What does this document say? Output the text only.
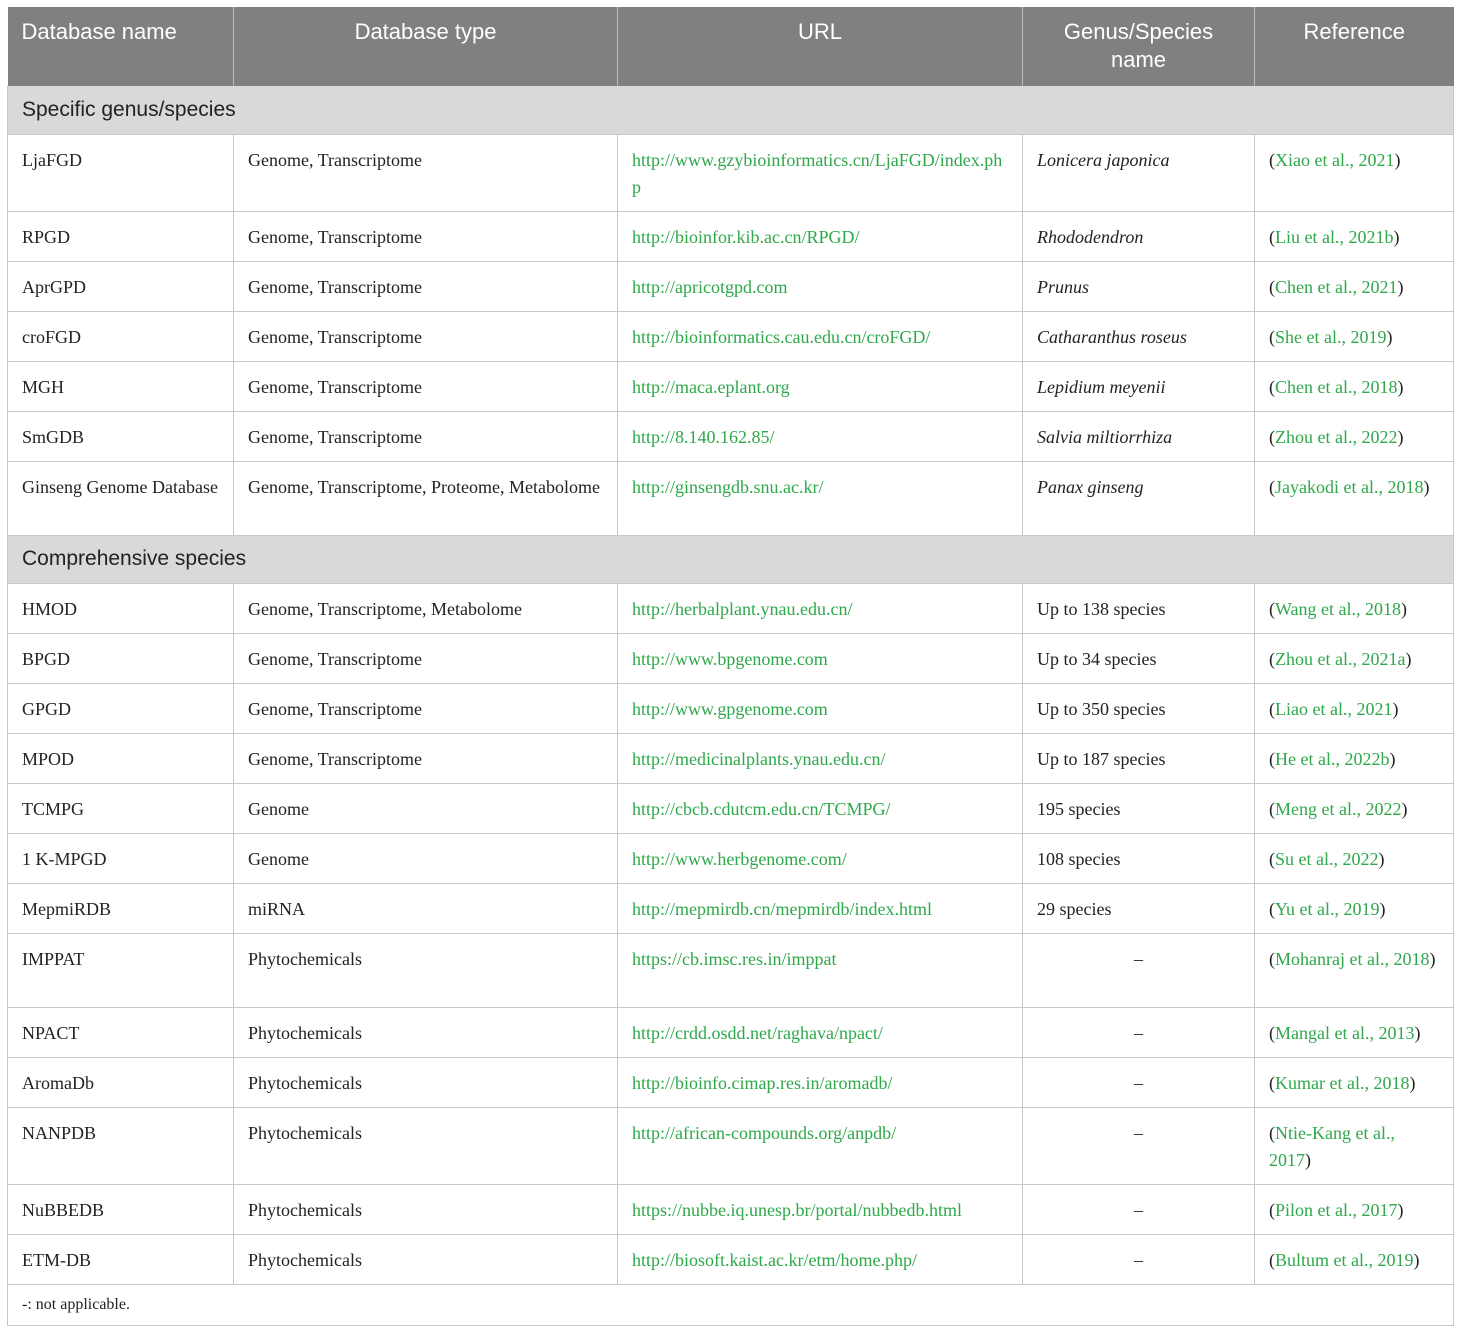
Database name	Database type	URL	Genus/Species name	Reference
Specific genus/species				
LjaFGD	Genome, Transcriptome	http://www.gzybioinformatics.cn/LjaFGD/index.php	Lonicera japonica	(Xiao et al., 2021)
RPGD	Genome, Transcriptome	http://bioinfor.kib.ac.cn/RPGD/	Rhododendron	(Liu et al., 2021b)
AprGPD	Genome, Transcriptome	http://apricotgpd.com	Prunus	(Chen et al., 2021)
croFGD	Genome, Transcriptome	http://bioinformatics.cau.edu.cn/croFGD/	Catharanthus roseus	(She et al., 2019)
MGH	Genome, Transcriptome	http://maca.eplant.org	Lepidium meyenii	(Chen et al., 2018)
SmGDB	Genome, Transcriptome	http://8.140.162.85/	Salvia miltiorrhiza	(Zhou et al., 2022)
Ginseng Genome Database	Genome, Transcriptome, Proteome, Metabolome	http://ginsengdb.snu.ac.kr/	Panax ginseng	(Jayakodi et al., 2018)
Comprehensive species				
HMOD	Genome, Transcriptome, Metabolome	http://herbalplant.ynau.edu.cn/	Up to 138 species	(Wang et al., 2018)
BPGD	Genome, Transcriptome	http://www.bpgenome.com	Up to 34 species	(Zhou et al., 2021a)
GPGD	Genome, Transcriptome	http://www.gpgenome.com	Up to 350 species	(Liao et al., 2021)
MPOD	Genome, Transcriptome	http://medicinalplants.ynau.edu.cn/	Up to 187 species	(He et al., 2022b)
TCMPG	Genome	http://cbcb.cdutcm.edu.cn/TCMPG/	195 species	(Meng et al., 2022)
1 K-MPGD	Genome	http://www.herbgenome.com/	108 species	(Su et al., 2022)
MepmiRDB	miRNA	http://mepmirdb.cn/mepmirdb/index.html	29 species	(Yu et al., 2019)
IMPPAT	Phytochemicals	https://cb.imsc.res.in/imppat	–	(Mohanraj et al., 2018)
NPACT	Phytochemicals	http://crdd.osdd.net/raghava/npact/	–	(Mangal et al., 2013)
AromaDb	Phytochemicals	http://bioinfo.cimap.res.in/aromadb/	–	(Kumar et al., 2018)
NANPDB	Phytochemicals	http://african-compounds.org/anpdb/	–	(Ntie-Kang et al., 2017)
NuBBEDB	Phytochemicals	https://nubbe.iq.unesp.br/portal/nubbedb.html	–	(Pilon et al., 2017)
ETM-DB	Phytochemicals	http://biosoft.kaist.ac.kr/etm/home.php/	–	(Bultum et al., 2019)
-: not applicable.				
